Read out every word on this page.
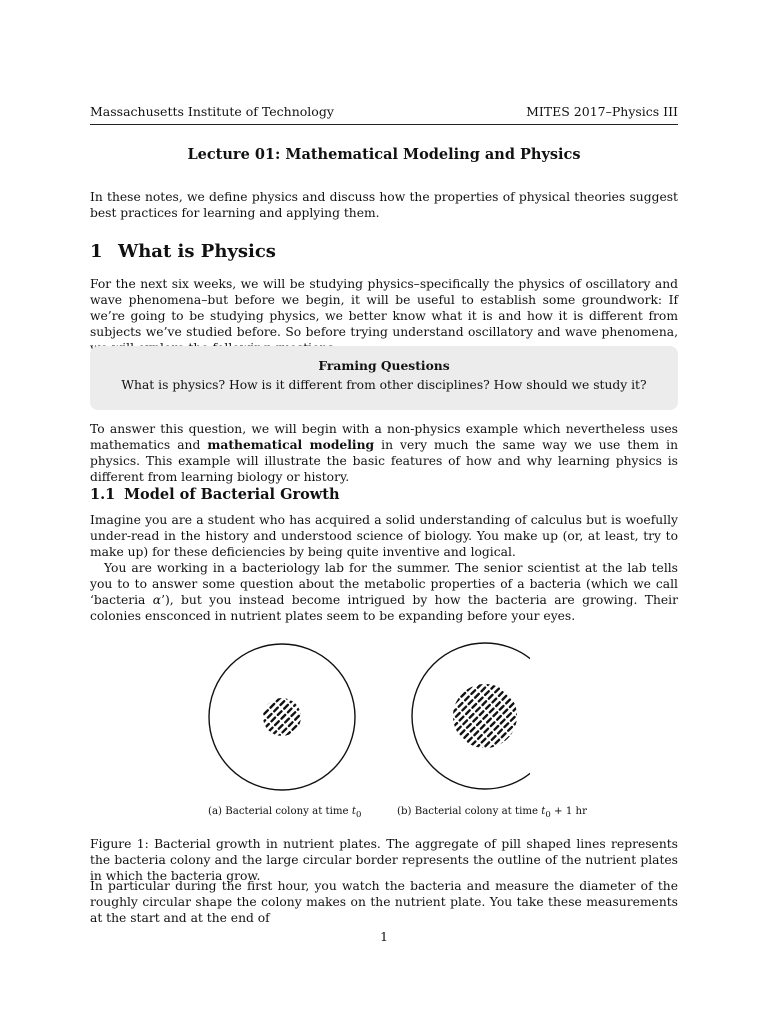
Massachusetts Institute of Technology	MITES 2017–Physics III
Lecture 01: Mathematical Modeling and Physics

In these notes, we define physics and discuss how the properties of physical theories suggest best practices for learning and applying them.

1 What is Physics

For the next six weeks, we will be studying physics–specifically the physics of oscillatory and wave phenomena–but before we begin, it will be useful to establish some groundwork: If we’re going to be studying physics, we better know what it is and how it is different from subjects we’ve studied before. So before trying understand oscillatory and wave phenomena,

Framing Questions
What is physics? How is it different from other disciplines? How should we study it?

To answer this question, we will begin with a non-physics example which nevertheless uses mathematics and mathematical modeling in very much the same way we use them in physics. This example will illustrate the basic features of how and why learning physics is different from learning biology or history.

1.1 Model of Bacterial Growth

Imagine you are a student who has acquired a solid understanding of calculus but is woefully under-read in the history and understood science of biology. You make up (or, at least, try to make up) for these deficiencies by being quite inventive and logical.

You are working in a bacteriology lab for the summer. The senior scientist at the lab tells you to to answer some question about the metabolic properties of a bacteria (which we call ‘bacteria α’), but you instead become intrigued by how the bacteria are growing. Their colonies ensconced in nutrient plates seem to be expanding before your eyes.

(a) Bacterial colony at time $t_0$	(b) Bacterial colony at time $t_0 + 1$ hr

Figure 1: Bacterial growth in nutrient plates. The aggregate of pill shaped lines represents the bacteria colony and the large circular border represents the outline of the nutrient plates in which the bacteria grow.

In particular during the first hour, you watch the bacteria and measure the diameter of the roughly circular shape the colony makes on the nutrient plate. You take these measurements at the start and at the end of

1
